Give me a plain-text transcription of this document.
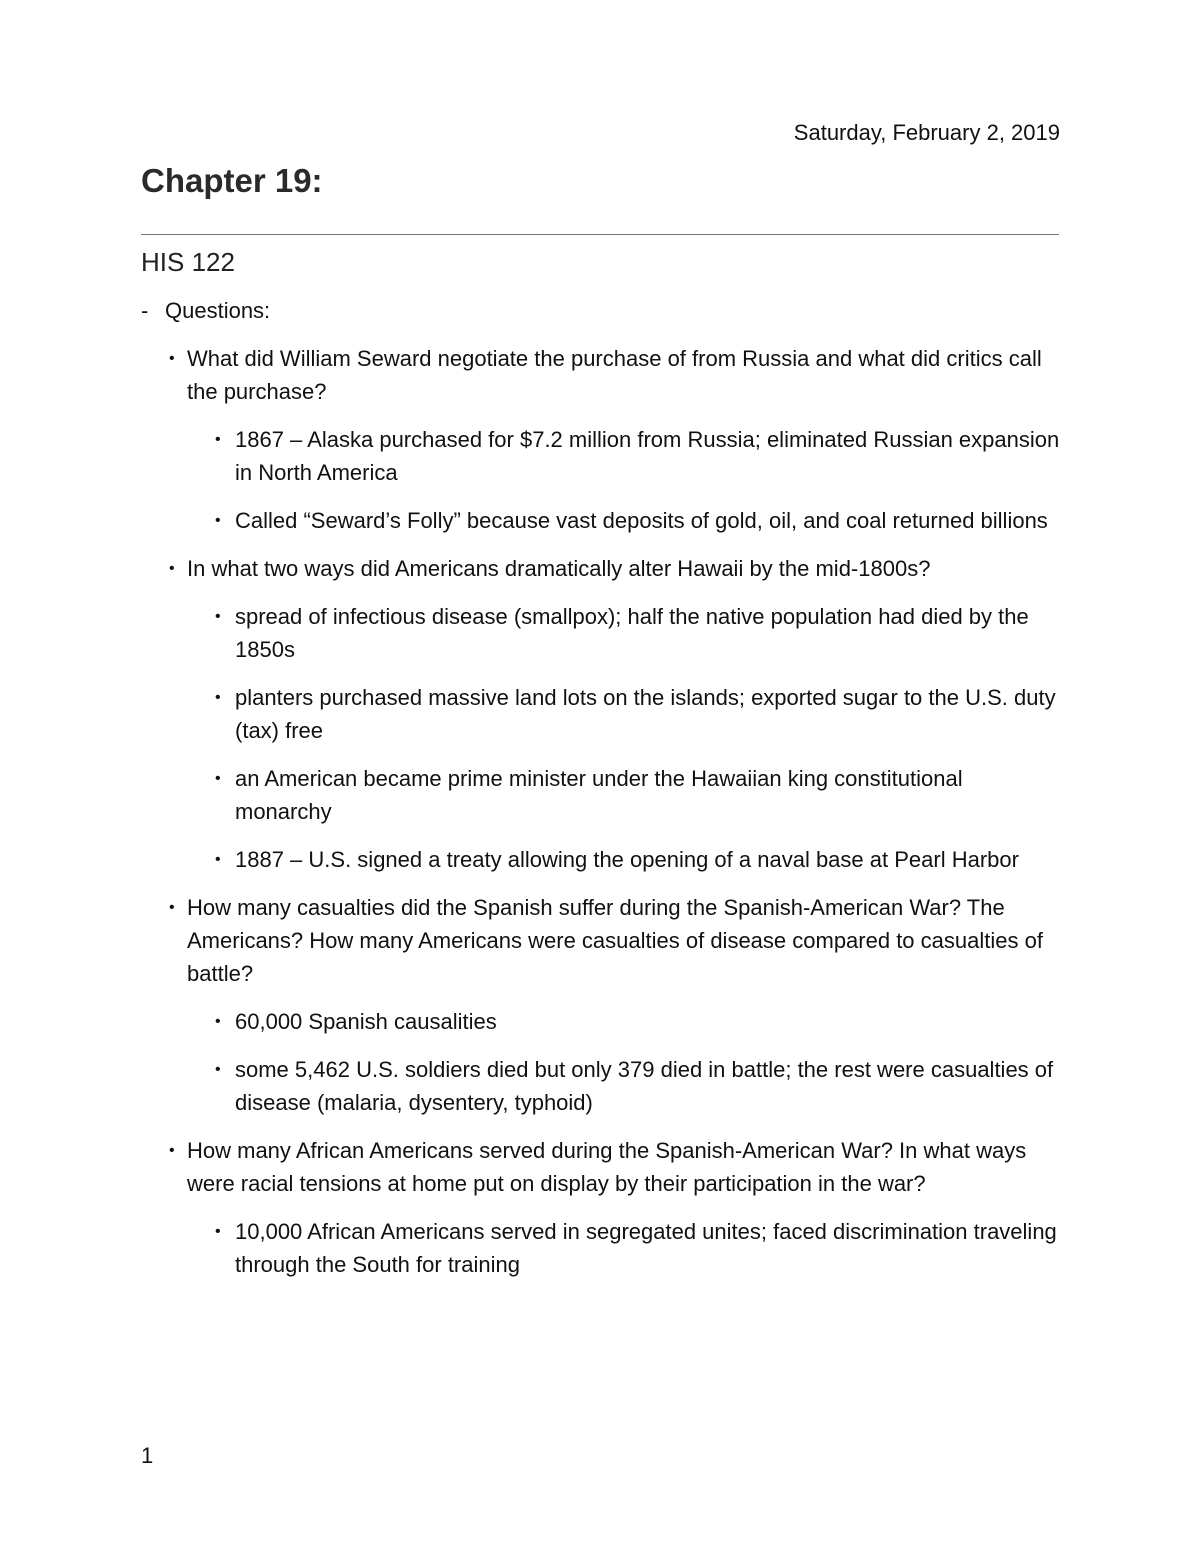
Saturday, February 2, 2019
Chapter 19:
HIS 122
- Questions:
• What did William Seward negotiate the purchase of from Russia and what did critics call the purchase?
• 1867 – Alaska purchased for $7.2 million from Russia; eliminated Russian expansion in North America
• Called “Seward’s Folly” because vast deposits of gold, oil, and coal returned billions
• In what two ways did Americans dramatically alter Hawaii by the mid-1800s?
• spread of infectious disease (smallpox); half the native population had died by the 1850s
• planters purchased massive land lots on the islands; exported sugar to the U.S. duty (tax) free
• an American became prime minister under the Hawaiian king constitutional monarchy
• 1887 – U.S. signed a treaty allowing the opening of a naval base at Pearl Harbor
• How many casualties did the Spanish suffer during the Spanish-American War? The Americans? How many Americans were casualties of disease compared to casualties of battle?
• 60,000 Spanish causalities
• some 5,462 U.S. soldiers died but only 379 died in battle; the rest were casualties of disease (malaria, dysentery, typhoid)
• How many African Americans served during the Spanish-American War? In what ways were racial tensions at home put on display by their participation in the war?
• 10,000 African Americans served in segregated unites; faced discrimination traveling through the South for training
1
